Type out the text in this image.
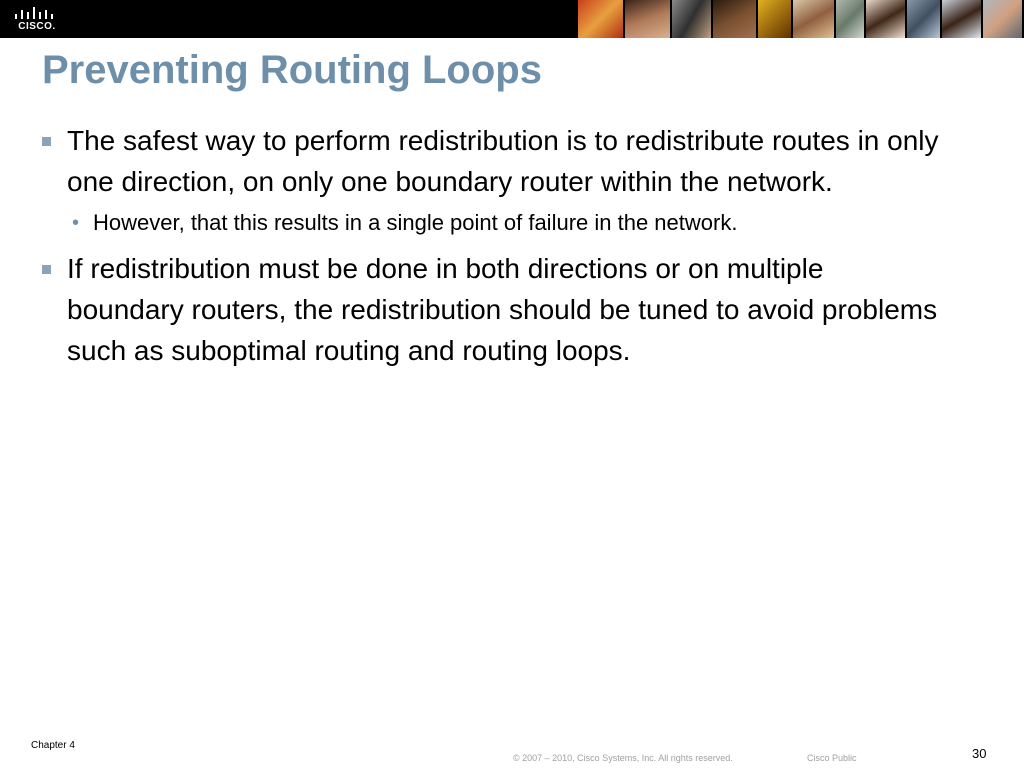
CISCO.
Preventing Routing Loops
The safest way to perform redistribution is to redistribute routes in only one direction, on only one boundary router within the network.
• However, that this results in a single point of failure in the network.
If redistribution must be done in both directions or on multiple boundary routers, the redistribution should be tuned to avoid problems such as suboptimal routing and routing loops.
Chapter 4
© 2007 – 2010, Cisco Systems, Inc. All rights reserved.	Cisco Public	30
